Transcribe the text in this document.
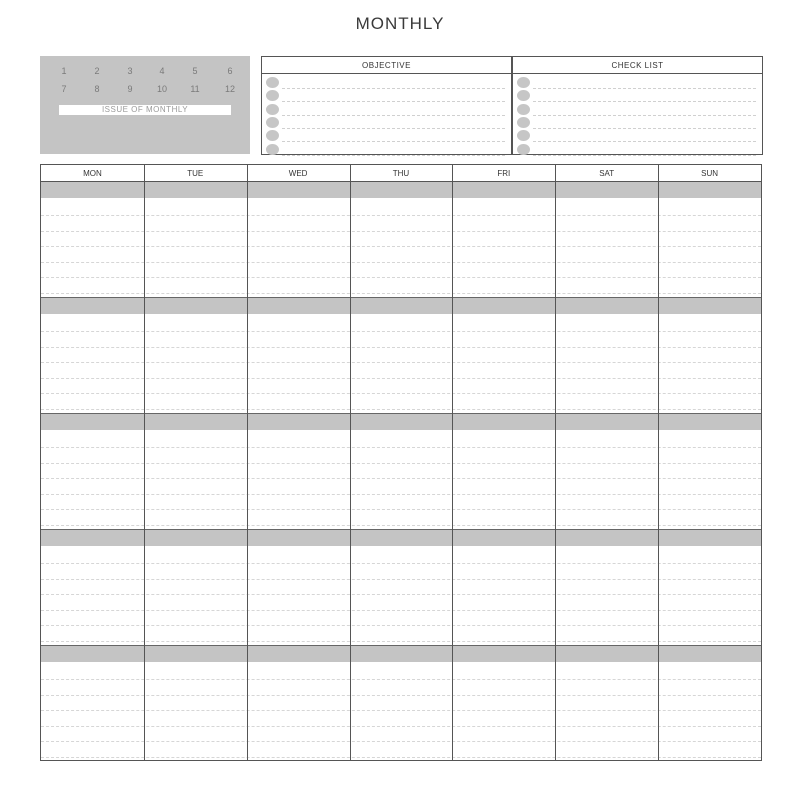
MONTHLY
ISSUE OF MONTHLY
1	2	3	4	5	6
7	8	9	10	11	12
OBJECTIVE	CHECK LIST
MON	TUE	WED	THU	FRI	SAT	SUN
